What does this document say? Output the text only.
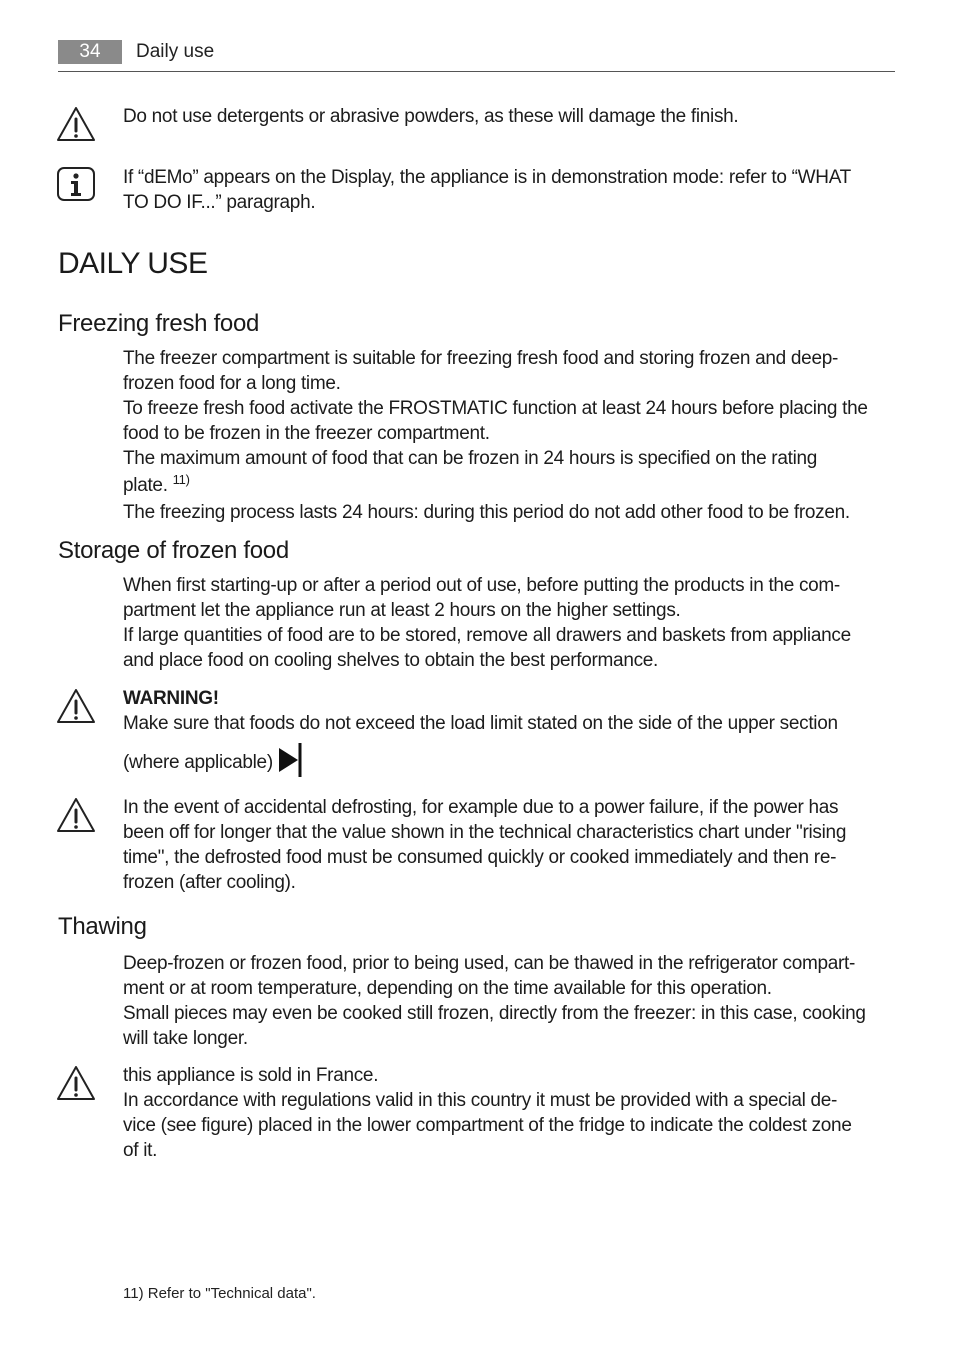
34	Daily use

Do not use detergents or abrasive powders, as these will damage the finish.

If “dEMo” appears on the Display, the appliance is in demonstration mode: refer to “WHAT

TO DO IF...” paragraph.

DAILY USE
Freezing fresh food

The freezer compartment is suitable for freezing fresh food and storing frozen and deep-

frozen food for a long time.

To freeze fresh food activate the FROSTMATIC function at least 24 hours before placing the

food to be frozen in the freezer compartment.

The maximum amount of food that can be frozen in 24 hours is specified on the rating

plate. $^{11)}$

The freezing process lasts 24 hours: during this period do not add other food to be frozen.

Storage of frozen food

When first starting-up or after a period out of use, before putting the products in the com-

partment let the appliance run at least 2 hours on the higher settings.

If large quantities of food are to be stored, remove all drawers and baskets from appliance

and place food on cooling shelves to obtain the best performance.

WARNING!

Make sure that foods do not exceed the load limit stated on the side of the upper section

(where applicable)

In the event of accidental defrosting, for example due to a power failure, if the power has

been off for longer that the value shown in the technical characteristics chart under "rising

time", the defrosted food must be consumed quickly or cooked immediately and then re-

frozen (after cooling).

Thawing

Deep-frozen or frozen food, prior to being used, can be thawed in the refrigerator compart-

ment or at room temperature, depending on the time available for this operation.

Small pieces may even be cooked still frozen, directly from the freezer: in this case, cooking

will take longer.

this appliance is sold in France.

In accordance with regulations valid in this country it must be provided with a special de-

vice (see figure) placed in the lower compartment of the fridge to indicate the coldest zone

of it.

11) Refer to "Technical data".
